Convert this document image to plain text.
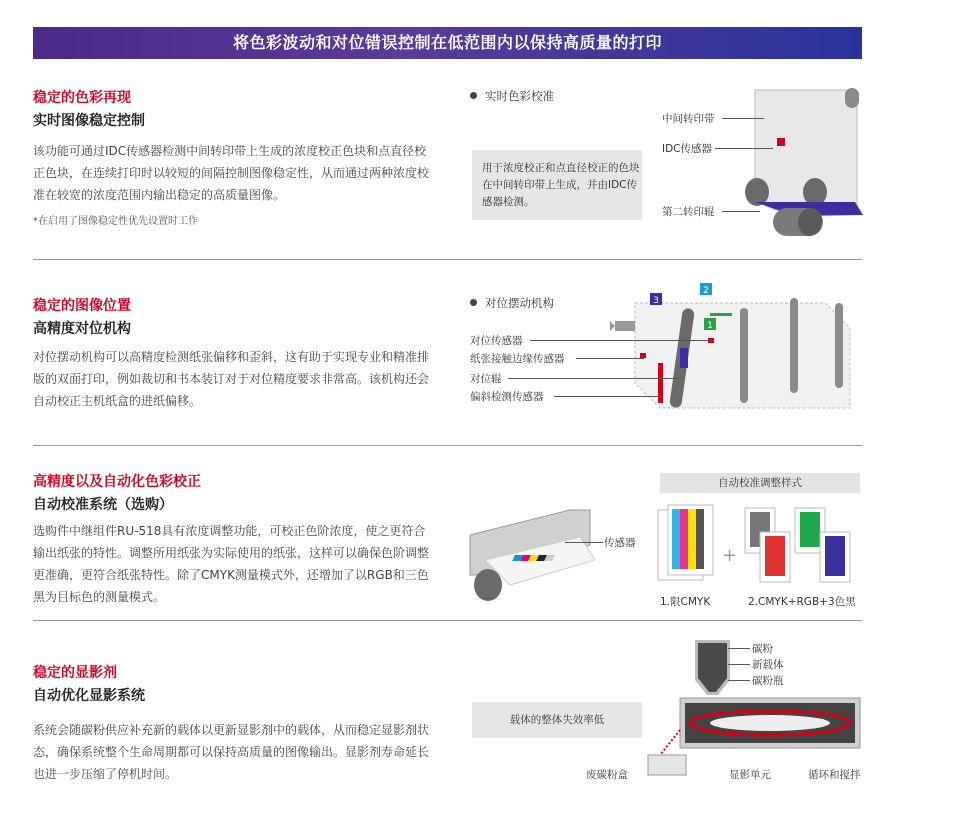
将色彩波动和对位错误控制在低范围内以保持高质量的打印
稳定的色彩再现
实时图像稳定控制
该功能可通过IDC传感器检测中间转印带上生成的浓度校正色块和点直径校正色块，在连续打印时以较短的间隔控制图像稳定性，从而通过两种浓度校准在较宽的浓度范围内输出稳定的高质量图像。
*在启用了图像稳定性优先设置时工作
实时色彩校准
用于浓度校正和点直径校正的色块在中间转印带上生成，并由IDC传感器检测。
中间转印带
IDC传感器
第二转印辊
稳定的图像位置
高精度对位机构
对位摆动机构可以高精度检测纸张偏移和歪斜，这有助于实现专业和精准排版的双面打印，例如裁切和书本装订对于对位精度要求非常高。该机构还会自动校正主机纸盒的进纸偏移。
对位摆动机构	3
2
1
对位传感器
纸张接触边缘传感器
对位辊
偏斜检测传感器
高精度以及自动化色彩校正
自动校准系统（选购）
选购件中继组件RU-518具有浓度调整功能，可校正色阶浓度，使之更符合输出纸张的特性。调整所用纸张为实际使用的纸张，这样可以确保色阶调整更准确，更符合纸张特性。除了CMYK测量模式外，还增加了以RGB和三色黑为目标色的测量模式。
自动校准调整样式
传感器
+
1.限CMYK	2.CMYK+RGB+3色黑
稳定的显影剂
自动优化显影系统
系统会随碳粉供应补充新的载体以更新显影剂中的载体，从而稳定显影剂状态，确保系统整个生命周期都可以保持高质量的图像输出。显影剂寿命延长也进一步压缩了停机时间。
载体的整体失效率低
碳粉
新载体
碳粉瓶
废碳粉盒	显影单元	循环和搅拌
